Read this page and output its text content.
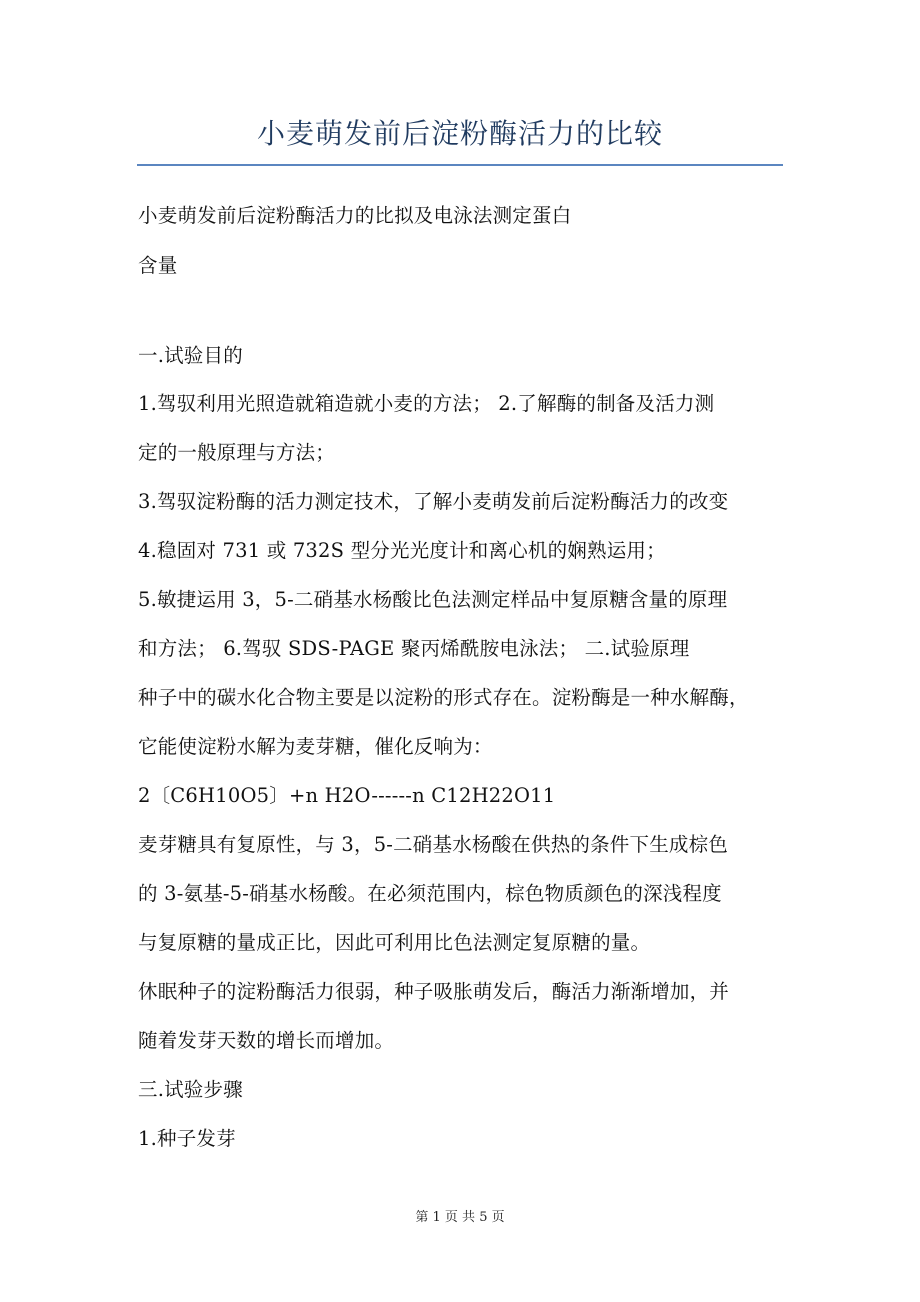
小麦萌发前后淀粉酶活力的比较
小麦萌发前后淀粉酶活力的比拟及电泳法测定蛋白
含量
一.试验目的
1.驾驭利用光照造就箱造就小麦的方法； 2.了解酶的制备及活力测
定的一般原理与方法；
3.驾驭淀粉酶的活力测定技术，了解小麦萌发前后淀粉酶活力的改变
4.稳固对 731 或 732S 型分光光度计和离心机的娴熟运用；
5.敏捷运用 3，5-二硝基水杨酸比色法测定样品中复原糖含量的原理
和方法； 6.驾驭 SDS-PAGE 聚丙烯酰胺电泳法； 二.试验原理
种子中的碳水化合物主要是以淀粉的形式存在。淀粉酶是一种水解酶，
它能使淀粉水解为麦芽糖，催化反响为：
2〔C6H10O5〕+n H2O------n C12H22O11
麦芽糖具有复原性，与 3，5-二硝基水杨酸在供热的条件下生成棕色
的 3-氨基-5-硝基水杨酸。在必须范围内，棕色物质颜色的深浅程度
与复原糖的量成正比，因此可利用比色法测定复原糖的量。
休眠种子的淀粉酶活力很弱，种子吸胀萌发后，酶活力渐渐增加，并
随着发芽天数的增长而增加。
三.试验步骤
1.种子发芽
第 1 页 共 5 页
